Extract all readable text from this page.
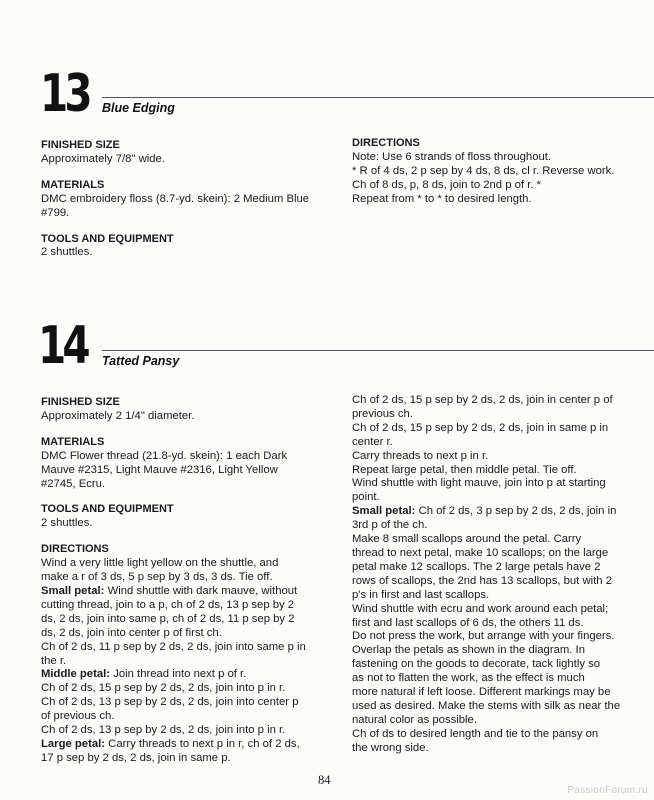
13 Blue Edging

FINISHED SIZE

Approximately 7/8" wide.

MATERIALS

DMC embroidery floss (8.7-yd. skein): 2 Medium Blue

#799.

TOOLS AND EQUIPMENT

2 shuttles.

DIRECTIONS

Note: Use 6 strands of floss throughout.

* R of 4 ds, 2 p sep by 4 ds, 8 ds, cl r. Reverse work.

Ch of 8 ds, p, 8 ds, join to 2nd p of r. *

Repeat from * to * to desired length.

14 Tatted Pansy

FINISHED SIZE

Approximately 2 1/4" diameter.

MATERIALS

DMC Flower thread (21.8-yd. skein): 1 each Dark

Mauve #2315, Light Mauve #2316, Light Yellow

#2745, Ecru.

TOOLS AND EQUIPMENT

2 shuttles.

DIRECTIONS

Wind a very little light yellow on the shuttle, and

make a r of 3 ds, 5 p sep by 3 ds, 3 ds. Tie off.

Small petal: Wind shuttle with dark mauve, without

cutting thread, join to a p, ch of 2 ds, 13 p sep by 2

ds, 2 ds, join into same p, ch of 2 ds, 11 p sep by 2

ds, 2 ds, join into center p of first ch.

Ch of 2 ds, 11 p sep by 2 ds, 2 ds, join into same p in

the r.

Middle petal: Join thread into next p of r.

Ch of 2 ds, 15 p sep by 2 ds, 2 ds, join into p in r.

Ch of 2 ds, 13 p sep by 2 ds, 2 ds, join into center p

of previous ch.

Ch of 2 ds, 13 p sep by 2 ds, 2 ds, join into p in r.

Large petal: Carry threads to next p in r, ch of 2 ds,

17 p sep by 2 ds, 2 ds, join in same p.

Ch of 2 ds, 15 p sep by 2 ds, 2 ds, join in center p of

previous ch.

Ch of 2 ds, 15 p sep by 2 ds, 2 ds, join in same p in

center r.

Carry threads to next p in r.

Repeat large petal, then middle petal. Tie off.

Wind shuttle with light mauve, join into p at starting

point.

Small petal: Ch of 2 ds, 3 p sep by 2 ds, 2 ds, join in

3rd p of the ch.

Make 8 small scallops around the petal. Carry

thread to next petal, make 10 scallops; on the large

petal make 12 scallops. The 2 large petals have 2

rows of scallops, the 2nd has 13 scallops, but with 2

p's in first and last scallops.

Wind shuttle with ecru and work around each petal;

first and last scallops of 6 ds, the others 11 ds.

Do not press the work, but arrange with your fingers.

Overlap the petals as shown in the diagram. In

fastening on the goods to decorate, tack lightly so

as not to flatten the work, as the effect is much

more natural if left loose. Different markings may be

used as desired. Make the stems with silk as near the

natural color as possible.

Ch of ds to desired length and tie to the pansy on

the wrong side.

84
PassionForum.ru
